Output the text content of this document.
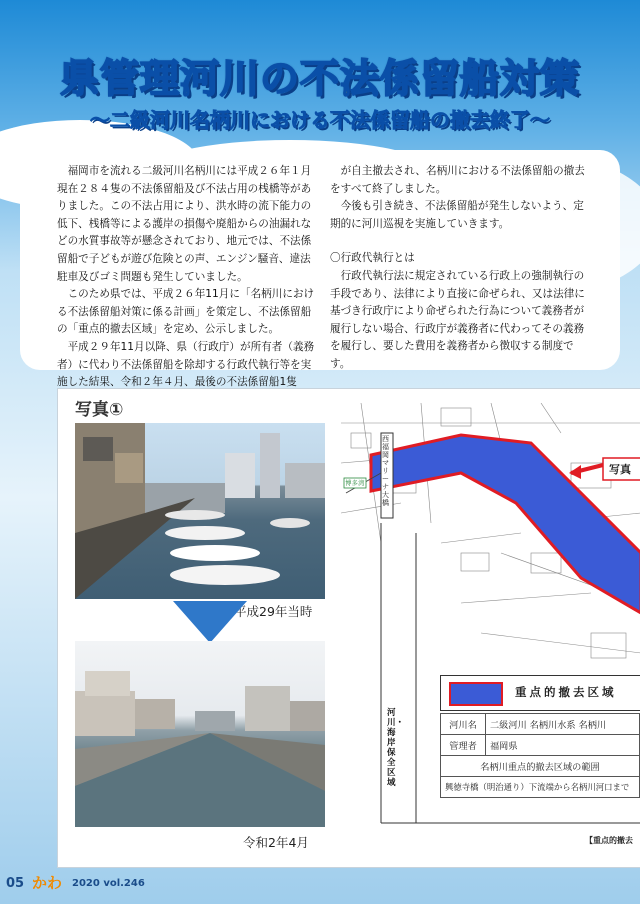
県管理河川の不法係留船対策
〜二級河川名柄川における不法係留船の撤去終了〜

福岡市を流れる二級河川名柄川には平成２６年１月現在２８４隻の不法係留船及び不法占用の桟橋等がありました。この不法占用により、洪水時の流下能力の低下、桟橋等による護岸の損傷や廃船からの油漏れなどの水質事故等が懸念されており、地元では、不法係留船で子どもが遊び危険との声、エンジン騒音、違法駐車及びゴミ問題も発生していました。

このため県では、平成２６年11月に「名柄川における不法係留船対策に係る計画」を策定し、不法係留船の「重点的撤去区域」を定め、公示しました。

平成２９年11月以降、県（行政庁）が所有者（義務者）に代わり不法係留船を除却する行政代執行等を実施した結果、令和２年４月、最後の不法係留船1隻

が自主撤去され、名柄川における不法係留船の撤去をすべて終了しました。

今後も引き続き、不法係留船が発生しないよう、定期的に河川巡視を実施していきます。

〇行政代執行とは

行政代執行法に規定されている行政上の強制執行の手段であり、法律により直接に命ぜられ、又は法律に基づき行政庁により命ぜられた行為について義務者が履行しない場合、行政庁が義務者に代わってその義務を履行し、要した費用を義務者から徴収する制度です。

写真①
平成29年当時
令和2年4月
西福岡マリーナ大橋
博多湾
写真
河川・海岸保全区域
重点的撤去区域
河川名	二級河川 名柄川水系 名柄川
管理者	福岡県
名柄川重点的撤去区域の範囲	
興徳寺橋（明治通り）下流端から名柄川河口まで	
【重点的撤去
05 かわ 2020 vol.246
